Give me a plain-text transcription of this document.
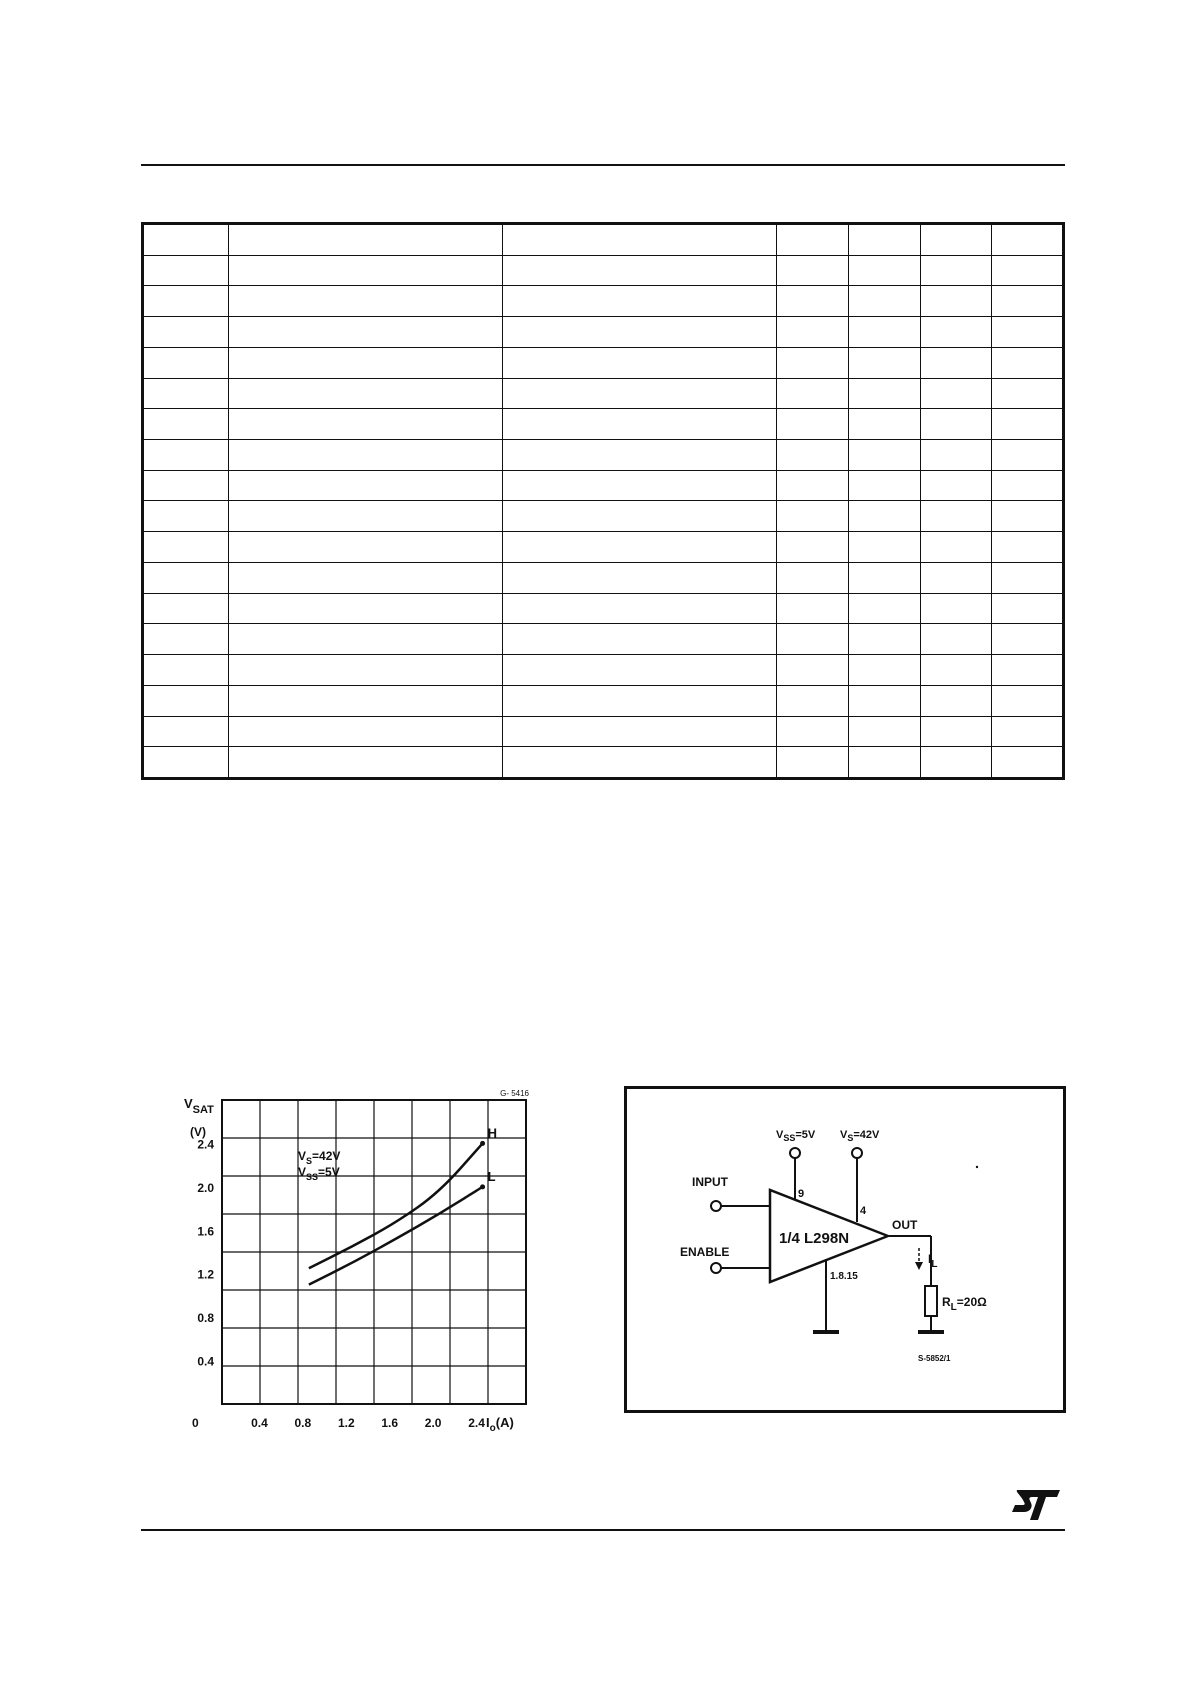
H
L
0.4 0.8 1.2 1.6 2.0 2.4
2.4
2.0
1.6
1.2
0.8
0.4
G- 5416
$V_{SAT}$
(V)
$V_S=42V$
$V_{SS}=5V$
0	$I_o(A)$
1/4 L298N
$V_{SS}=5V$
9
$V_S=42V$
4
INPUT
ENABLE
1.8.15
OUT
$I_L$
$R_L=20\Omega$
S-5852/1
